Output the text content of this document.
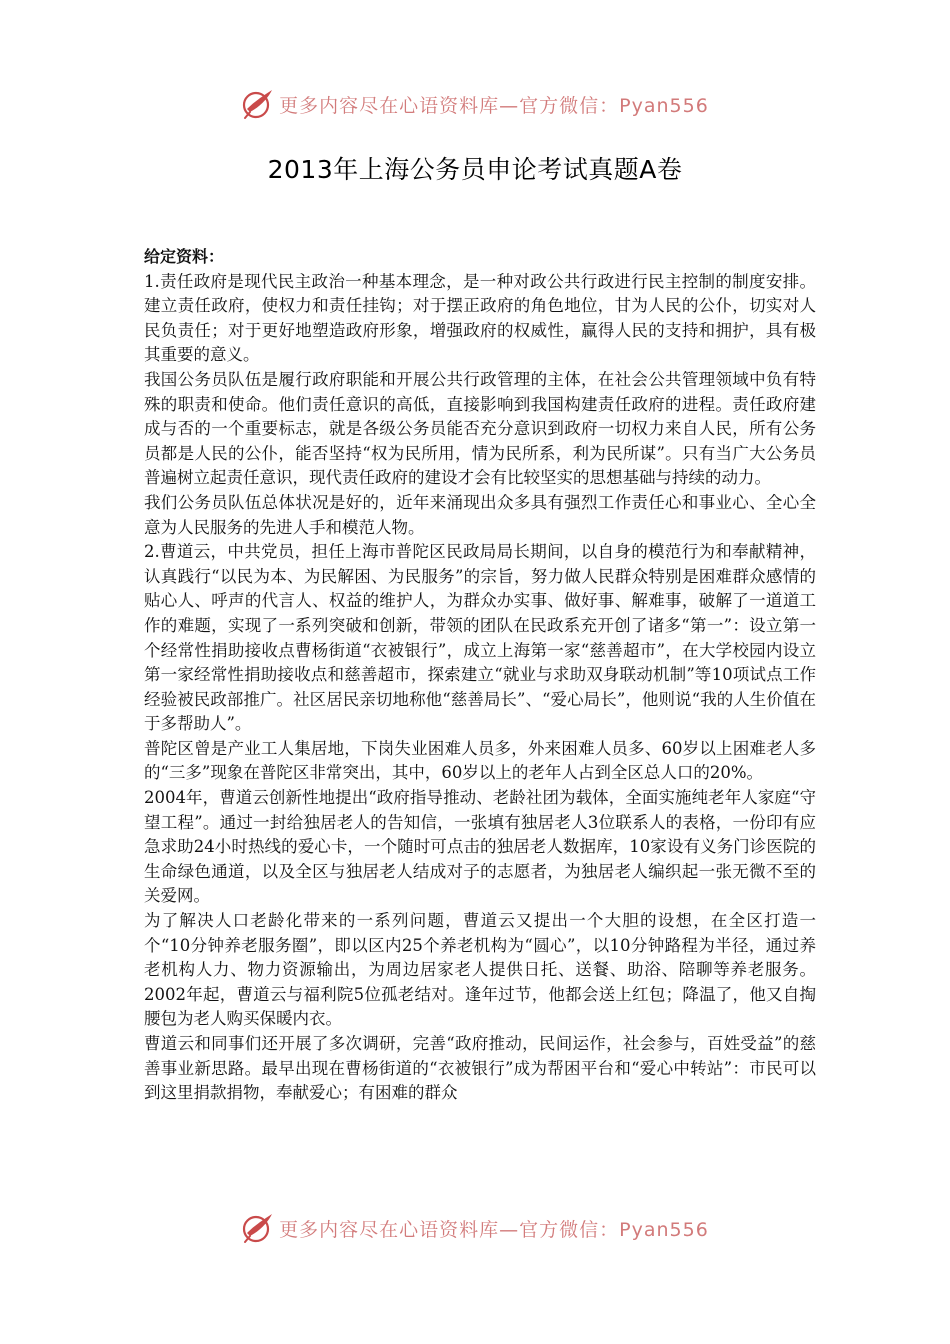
更多内容尽在心语资料库—官方微信：Pyan556
2013年上海公务员申论考试真题A卷

给定资料：

1.责任政府是现代民主政治一种基本理念，是一种对政公共行政进行民主控制的制度安排。建立责任政府，使权力和责任挂钩；对于摆正政府的角色地位，甘为人民的公仆，切实对人民负责任；对于更好地塑造政府形象，增强政府的权威性，赢得人民的支持和拥护，具有极其重要的意义。

我国公务员队伍是履行政府职能和开展公共行政管理的主体，在社会公共管理领域中负有特殊的职责和使命。他们责任意识的高低，直接影响到我国构建责任政府的进程。责任政府建成与否的一个重要标志，就是各级公务员能否充分意识到政府一切权力来自人民，所有公务员都是人民的公仆，能否坚持“权为民所用，情为民所系，利为民所谋”。只有当广大公务员普遍树立起责任意识，现代责任政府的建设才会有比较坚实的思想基础与持续的动力。

我们公务员队伍总体状况是好的，近年来涌现出众多具有强烈工作责任心和事业心、全心全意为人民服务的先进人手和模范人物。

2.曹道云，中共党员，担任上海市普陀区民政局局长期间，以自身的模范行为和奉献精神，认真践行“以民为本、为民解困、为民服务”的宗旨，努力做人民群众特别是困难群众感情的贴心人、呼声的代言人、权益的维护人，为群众办实事、做好事、解难事，破解了一道道工作的难题，实现了一系列突破和创新，带领的团队在民政系充开创了诸多“第一”：设立第一个经常性捐助接收点曹杨街道“衣被银行”，成立上海第一家“慈善超市”，在大学校园内设立第一家经常性捐助接收点和慈善超市，探索建立“就业与求助双身联动机制”等10项试点工作经验被民政部推广。社区居民亲切地称他“慈善局长”、“爱心局长”，他则说“我的人生价值在于多帮助人”。

普陀区曾是产业工人集居地，下岗失业困难人员多，外来困难人员多、60岁以上困难老人多的“三多”现象在普陀区非常突出，其中，60岁以上的老年人占到全区总人口的20%。

2004年，曹道云创新性地提出“政府指导推动、老龄社团为载体，全面实施纯老年人家庭“守望工程”。通过一封给独居老人的告知信，一张填有独居老人3位联系人的表格，一份印有应急求助24小时热线的爱心卡，一个随时可点击的独居老人数据库，10家设有义务门诊医院的生命绿色通道，以及全区与独居老人结成对子的志愿者，为独居老人编织起一张无微不至的关爱网。

为了解决人口老龄化带来的一系列问题，曹道云又提出一个大胆的设想，在全区打造一个“10分钟养老服务圈”，即以区内25个养老机构为“圆心”，以10分钟路程为半径，通过养老机构人力、物力资源输出，为周边居家老人提供日托、送餐、助浴、陪聊等养老服务。2002年起，曹道云与福利院5位孤老结对。逢年过节，他都会送上红包；降温了，他又自掏腰包为老人购买保暖内衣。

曹道云和同事们还开展了多次调研，完善“政府推动，民间运作，社会参与，百姓受益”的慈善事业新思路。最早出现在曹杨街道的“衣被银行”成为帮困平台和“爱心中转站”：市民可以到这里捐款捐物，奉献爱心；有困难的群众

更多内容尽在心语资料库—官方微信：Pyan556
